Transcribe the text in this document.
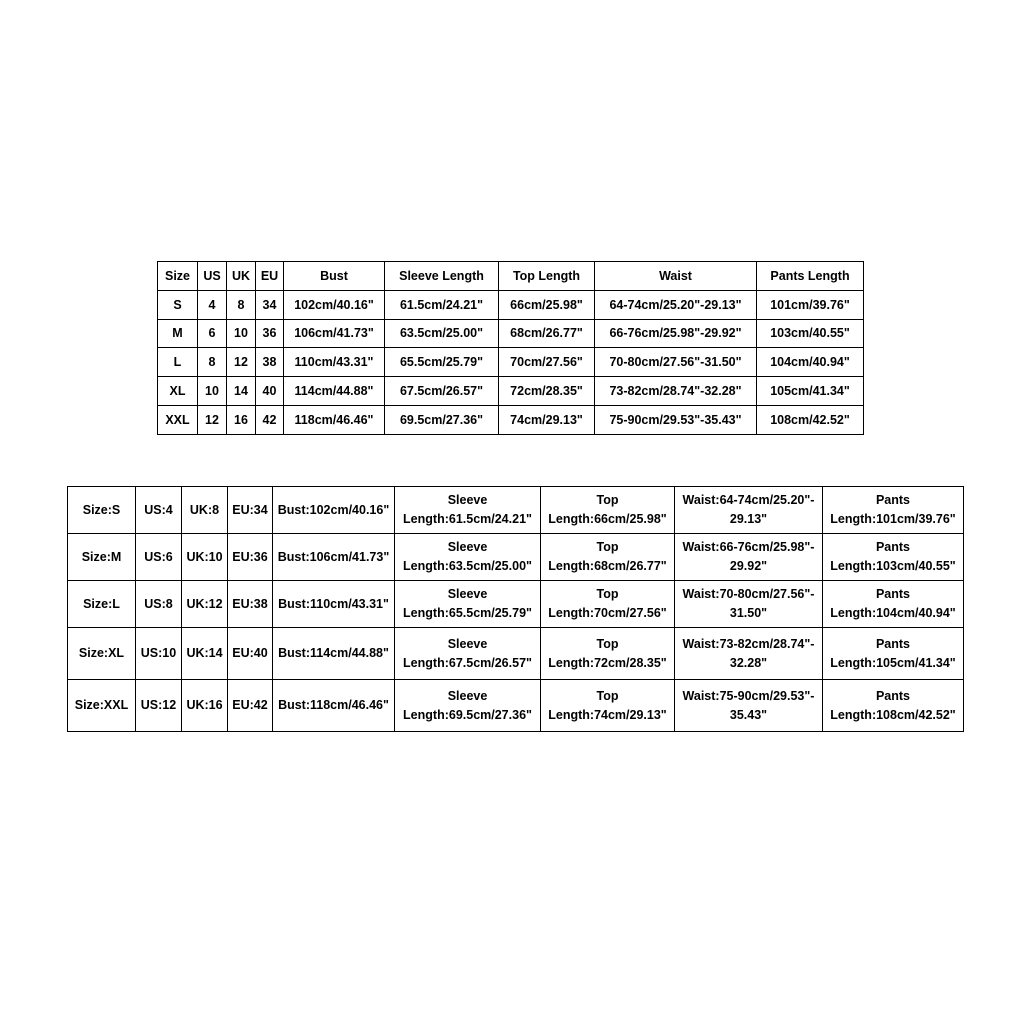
Size	US	UK	EU	Bust	Sleeve Length	Top Length	Waist	Pants Length
S	4	8	34	102cm/40.16"	61.5cm/24.21"	66cm/25.98"	64-74cm/25.20"-29.13"	101cm/39.76"
M	6	10	36	106cm/41.73"	63.5cm/25.00"	68cm/26.77"	66-76cm/25.98"-29.92"	103cm/40.55"
L	8	12	38	110cm/43.31"	65.5cm/25.79"	70cm/27.56"	70-80cm/27.56"-31.50"	104cm/40.94"
XL	10	14	40	114cm/44.88"	67.5cm/26.57"	72cm/28.35"	73-82cm/28.74"-32.28"	105cm/41.34"
XXL	12	16	42	118cm/46.46"	69.5cm/27.36"	74cm/29.13"	75-90cm/29.53"-35.43"	108cm/42.52"
Size:S	US:4	UK:8	EU:34	Bust:102cm/40.16"	Sleeve
Length:61.5cm/24.21"	Top
Length:66cm/25.98"	Waist:64-74cm/25.20"-
29.13"	Pants
Length:101cm/39.76"

Size:M	US:6	UK:10	EU:36	Bust:106cm/41.73"	Sleeve
Length:63.5cm/25.00"	Top
Length:68cm/26.77"	Waist:66-76cm/25.98"-
29.92"	Pants
Length:103cm/40.55"

Size:L	US:8	UK:12	EU:38	Bust:110cm/43.31"	Sleeve
Length:65.5cm/25.79"	Top
Length:70cm/27.56"	Waist:70-80cm/27.56"-
31.50"	Pants
Length:104cm/40.94"

Size:XL	US:10	UK:14	EU:40	Bust:114cm/44.88"	Sleeve
Length:67.5cm/26.57"	Top
Length:72cm/28.35"	Waist:73-82cm/28.74"-
32.28"	Pants
Length:105cm/41.34"

Size:XXL	US:12	UK:16	EU:42	Bust:118cm/46.46"	Sleeve
Length:69.5cm/27.36"	Top
Length:74cm/29.13"	Waist:75-90cm/29.53"-
35.43"	Pants
Length:108cm/42.52"
